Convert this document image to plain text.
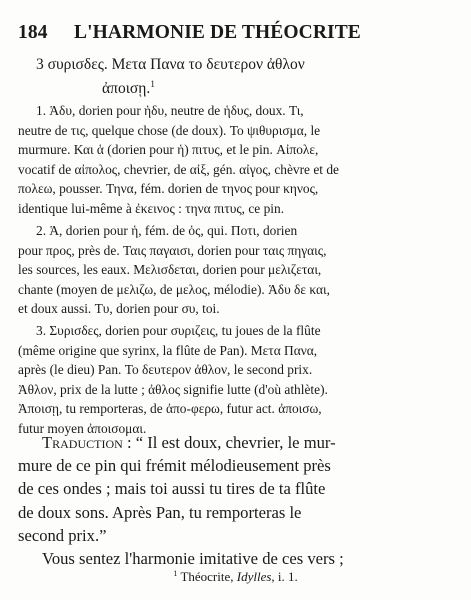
184 L'HARMONIE DE THÉOCRITE
3 συρισδες. Μετα Πανα το δευτερον ἀθλον
ἀποισῃ.$^1$
1. Ἁδυ, dorien pour ἡδυ, neutre de ἡδυς, doux. Τι,
neutre de τις, quelque chose (de doux). Το ψιθυρισμα, le
murmure. Και ἁ (dorien pour ἡ) πιτυς, et le pin. Αἰπολε,
vocatif de αἰπολος, chevrier, de αἰξ, gén. αἰγος, chèvre et de
πολεω, pousser. Τηνα, fém. dorien de τηνος pour κηνος,
identique lui-même à ἐκεινος : τηνα πιτυς, ce pin.
2. Ἁ, dorien pour ἡ, fém. de ὁς, qui. Ποτι, dorien
pour προς, près de. Ταις παγαισι, dorien pour ταις πηγαις,
les sources, les eaux. Μελισδεται, dorien pour μελιζεται,
chante (moyen de μελιζω, de μελος, mélodie). Ἁδυ δε και,
et doux aussi. Τυ, dorien pour συ, toi.
3. Συρισδες, dorien pour συριζεις, tu joues de la flûte
(même origine que syrinx, la flûte de Pan). Μετα Πανα,
après (le dieu) Pan. Το δευτερον ἀθλον, le second prix.
Ἀθλον, prix de la lutte ; ἀθλος signifie lutte (d'où athlète).
Ἀποισῃ, tu remporteras, de ἀπο-φερω, futur act. ἀποισω,
futur moyen ἀποισομαι.
Traduction : “ Il est doux, chevrier, le mur-
mure de ce pin qui frémit mélodieusement près
de ces ondes ; mais toi aussi tu tires de ta flûte
de doux sons. Après Pan, tu remporteras le
second prix.”
Vous sentez l'harmonie imitative de ces vers ;
$^1$ Théocrite, Idylles, i. 1.
